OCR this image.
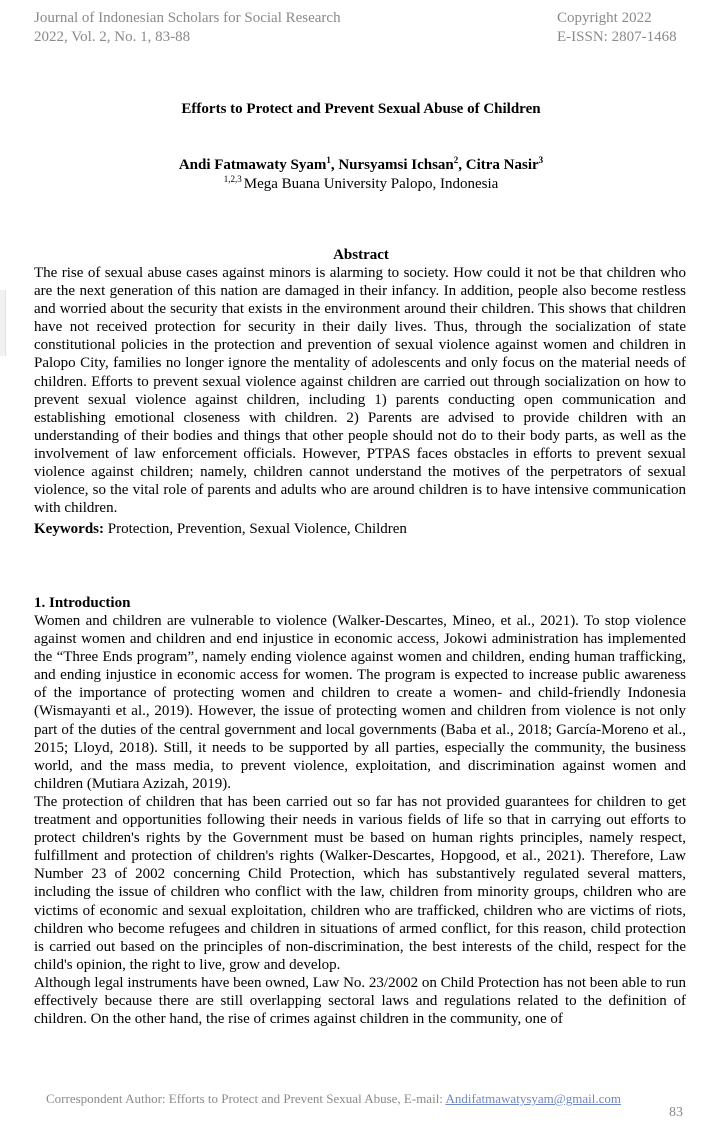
Journal of Indonesian Scholars for Social Research
2022, Vol. 2, No. 1, 83-88
Copyright 2022
E-ISSN: 2807-1468
Efforts to Protect and Prevent Sexual Abuse of Children
Andi Fatmawaty Syam$^1$, Nursyamsi Ichsan$^2$, Citra Nasir$^3$
$^{1,2,3}$ Mega Buana University Palopo, Indonesia
Abstract

The rise of sexual abuse cases against minors is alarming to society. How could it not be that children who are the next generation of this nation are damaged in their infancy. In addition, people also become restless and worried about the security that exists in the environment around their children. This shows that children have not received protection for security in their daily lives. Thus, through the socialization of state constitutional policies in the protection and prevention of sexual violence against women and children in Palopo City, families no longer ignore the mentality of adolescents and only focus on the material needs of children. Efforts to prevent sexual violence against children are carried out through socialization on how to prevent sexual violence against children, including 1) parents conducting open communication and establishing emotional closeness with children. 2) Parents are advised to provide children with an understanding of their bodies and things that other people should not do to their body parts, as well as the involvement of law enforcement officials. However, PTPAS faces obstacles in efforts to prevent sexual violence against children; namely, children cannot understand the motives of the perpetrators of sexual violence, so the vital role of parents and adults who are around children is to have intensive communication with children.

Keywords: Protection, Prevention, Sexual Violence, Children
1. Introduction

Women and children are vulnerable to violence (Walker-Descartes, Mineo, et al., 2021). To stop violence against women and children and end injustice in economic access, Jokowi administration has implemented the “Three Ends program”, namely ending violence against women and children, ending human trafficking, and ending injustice in economic access for women. The program is expected to increase public awareness of the importance of protecting women and children to create a women- and child-friendly Indonesia (Wismayanti et al., 2019). However, the issue of protecting women and children from violence is not only part of the duties of the central government and local governments (Baba et al., 2018; García-Moreno et al., 2015; Lloyd, 2018). Still, it needs to be supported by all parties, especially the community, the business world, and the mass media, to prevent violence, exploitation, and discrimination against women and children (Mutiara Azizah, 2019).

The protection of children that has been carried out so far has not provided guarantees for children to get treatment and opportunities following their needs in various fields of life so that in carrying out efforts to protect children's rights by the Government must be based on human rights principles, namely respect, fulfillment and protection of children's rights (Walker-Descartes, Hopgood, et al., 2021). Therefore, Law Number 23 of 2002 concerning Child Protection, which has substantively regulated several matters, including the issue of children who conflict with the law, children from minority groups, children who are victims of economic and sexual exploitation, children who are trafficked, children who are victims of riots, children who become refugees and children in situations of armed conflict, for this reason, child protection is carried out based on the principles of non-discrimination, the best interests of the child, respect for the child's opinion, the right to live, grow and develop.

Although legal instruments have been owned, Law No. 23/2002 on Child Protection has not been able to run effectively because there are still overlapping sectoral laws and regulations related to the definition of children. On the other hand, the rise of crimes against children in the community, one of

Correspondent Author: Efforts to Protect and Prevent Sexual Abuse, E-mail: Andifatmawatysyam@gmail.com
83
